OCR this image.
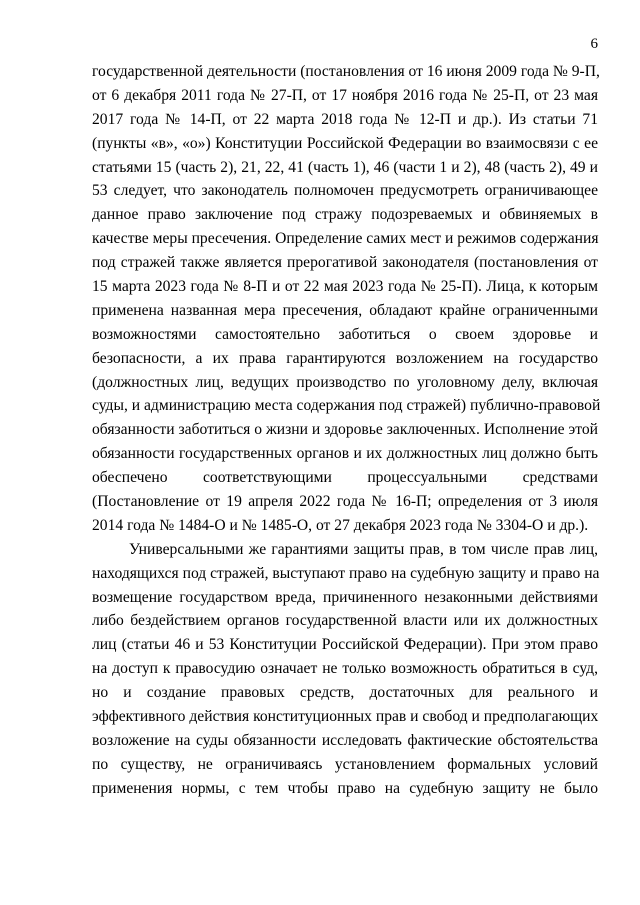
6
государственной деятельности (постановления от 16 июня 2009 года № 9-П,
от 6 декабря 2011 года № 27-П, от 17 ноября 2016 года № 25-П, от 23 мая
2017 года № 14-П, от 22 марта 2018 года № 12-П и др.). Из статьи 71
(пункты «в», «о») Конституции Российской Федерации во взаимосвязи с ее
статьями 15 (часть 2), 21, 22, 41 (часть 1), 46 (части 1 и 2), 48 (часть 2), 49 и
53 следует, что законодатель полномочен предусмотреть ограничивающее
данное право заключение под стражу подозреваемых и обвиняемых в
качестве меры пресечения. Определение самих мест и режимов содержания
под стражей также является прерогативой законодателя (постановления от
15 марта 2023 года № 8-П и от 22 мая 2023 года № 25-П). Лица, к которым
применена названная мера пресечения, обладают крайне ограниченными
возможностями самостоятельно заботиться о своем здоровье и
безопасности, а их права гарантируются возложением на государство
(должностных лиц, ведущих производство по уголовному делу, включая
суды, и администрацию места содержания под стражей) публично-правовой
обязанности заботиться о жизни и здоровье заключенных. Исполнение этой
обязанности государственных органов и их должностных лиц должно быть
обеспечено соответствующими процессуальными средствами
(Постановление от 19 апреля 2022 года № 16-П; определения от 3 июля
2014 года № 1484-О и № 1485-О, от 27 декабря 2023 года № 3304-О и др.).
Универсальными же гарантиями защиты прав, в том числе прав лиц,
находящихся под стражей, выступают право на судебную защиту и право на
возмещение государством вреда, причиненного незаконными действиями
либо бездействием органов государственной власти или их должностных
лиц (статьи 46 и 53 Конституции Российской Федерации). При этом право
на доступ к правосудию означает не только возможность обратиться в суд,
но и создание правовых средств, достаточных для реального и
эффективного действия конституционных прав и свобод и предполагающих
возложение на суды обязанности исследовать фактические обстоятельства
по существу, не ограничиваясь установлением формальных условий
применения нормы, с тем чтобы право на судебную защиту не было
